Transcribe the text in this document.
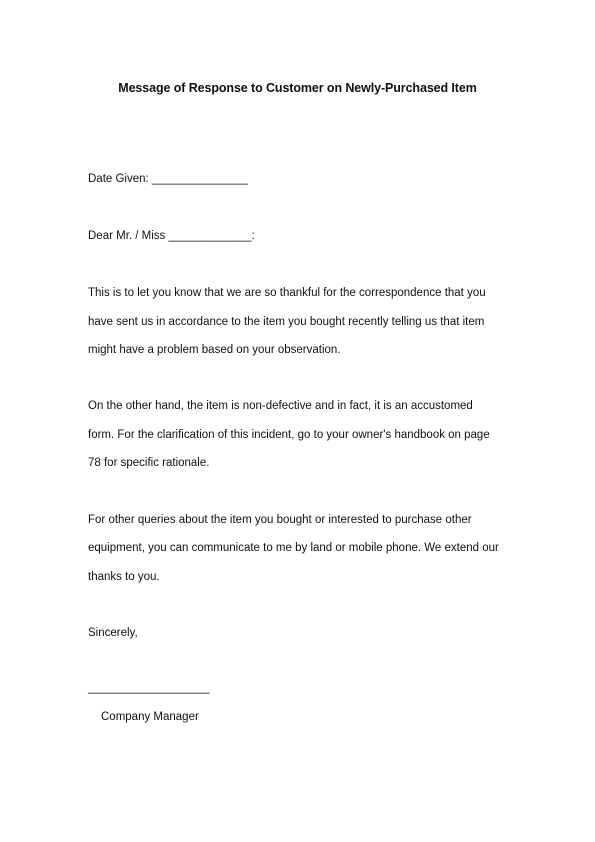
Message of Response to Customer on Newly-Purchased Item
Date Given: _______________
Dear Mr. / Miss _____________:
This is to let you know that we are so thankful for the correspondence that you
have sent us in accordance to the item you bought recently telling us that item
might have a problem based on your observation.
On the other hand, the item is non-defective and in fact, it is an accustomed
form. For the clarification of this incident, go to your owner's handbook on page
78 for specific rationale.
For other queries about the item you bought or interested to purchase other
equipment, you can communicate to me by land or mobile phone. We extend our
thanks to you.
Sincerely,
___________________
Company Manager
